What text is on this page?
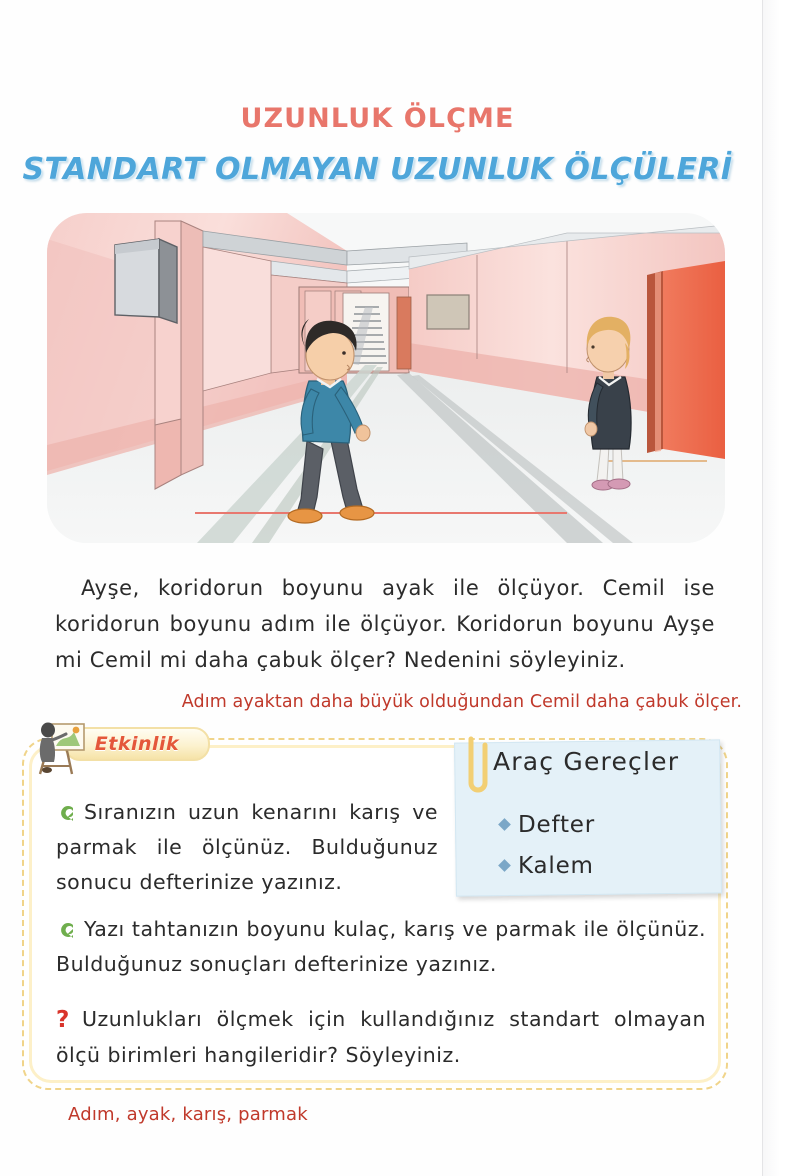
UZUNLUK ÖLÇME
STANDART OLMAYAN UZUNLUK ÖLÇÜLERİ
Ayşe, koridorun boyunu ayak ile ölçüyor. Cemil ise koridorun boyunu adım ile ölçüyor. Koridorun boyunu Ayşe mi Cemil mi daha çabuk ölçer? Nedenini söyleyiniz.
Adım ayaktan daha büyük olduğundan Cemil daha çabuk ölçer.
Etkinlik
Sıranızın uzun kenarını karış ve parmak ile ölçünüz. Bulduğunuz sonucu defterinize yazınız.
Yazı tahtanızın boyunu kulaç, karış ve parmak ile ölçünüz. Bulduğunuz sonuçları defterinize yazınız.
? Uzunlukları ölçmek için kullandığınız standart olmayan ölçü birimleri hangileridir? Söyleyiniz.
Araç Gereçler
Defter
Kalem
Adım, ayak, karış, parmak
